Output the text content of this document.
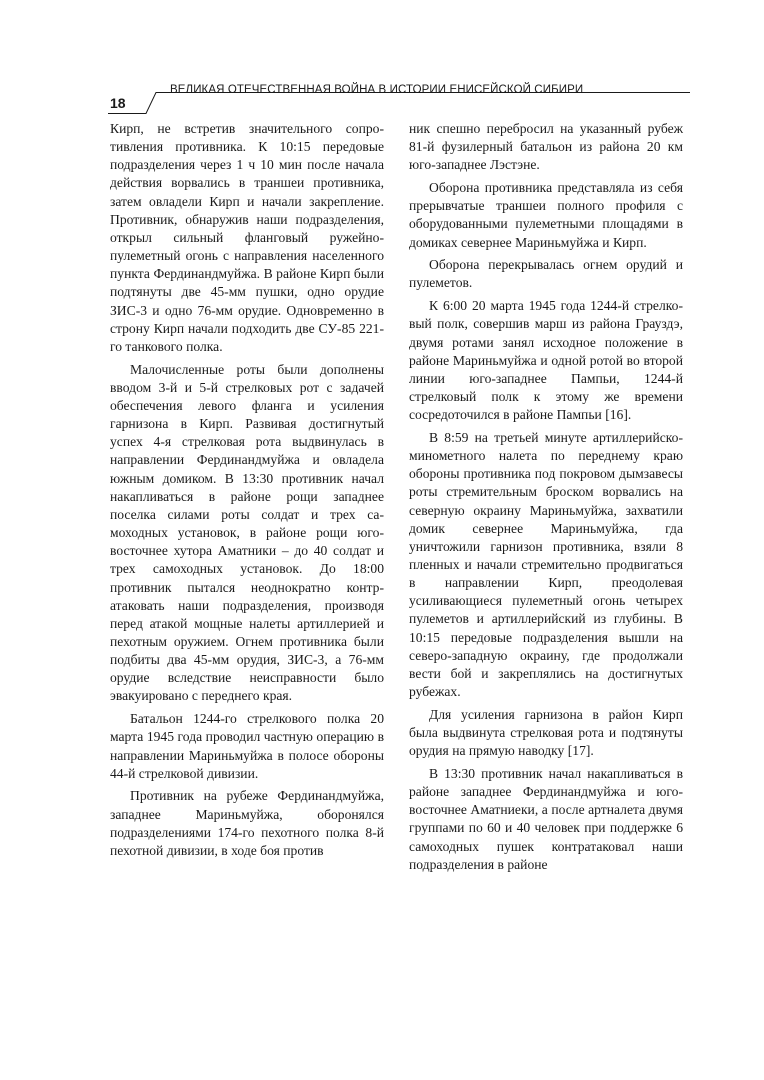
18
ВЕЛИКАЯ ОТЕЧЕСТВЕННАЯ ВОЙНА В ИСТОРИИ ЕНИСЕЙСКОЙ СИБИРИ

Кирп, не встретив значительного сопротивления противника. К 10:15 передовые подразделения через 1 ч 10 мин после начала действия ворвались в траншеи противника, затем овладели Кирп и начали закрепление. Противник, обнаружив наши подразделения, открыл сильный фланговый ружейно-пулеметный огонь с направления населенного пункта Фердинандмуйжа. В районе Кирп были подтянуты две 45-мм пушки, одно орудие ЗИС-3 и одно 76-мм орудие. Одновременно в строну Кирп начали подходить две СУ-85 221-го танкового полка.

Малочисленные роты были дополнены вводом 3-й и 5-й стрелковых рот с задачей обеспечения левого фланга и усиления гарнизона в Кирп. Развивая достигнутый успех 4-я стрелковая рота выдвинулась в направлении Фердинандмуйжа и овладела южным домиком. В 13:30 противник начал накапливаться в районе рощи западнее поселка силами роты солдат и трех самоходных установок, в районе рощи юго-восточнее хутора Аматники – до 40 солдат и трех самоходных установок. До 18:00 противник пытался неоднократно контратаковать наши подразделения, производя перед атакой мощные налеты артиллерией и пехотным оружием. Огнем противника были подбиты два 45-мм орудия, ЗИС-3, а 76-мм орудие вследствие неисправности было эвакуировано с переднего края.

Батальон 1244-го стрелкового полка 20 марта 1945 года проводил частную операцию в направлении Мариньмуйжа в полосе обороны 44-й стрелковой дивизии.

Противник на рубеже Фердинандмуйжа, западнее Мариньмуйжа, оборонялся подразделениями 174-го пехотного полка 8-й пехотной дивизии, в ходе боя против

ник спешно перебросил на указанный рубеж 81-й фузилерный батальон из района 20 км юго-западнее Лэстэне.

Оборона противника представляла из себя прерывчатые траншеи полного профиля с оборудованными пулеметными площадями в домиках севернее Мариньмуйжа и Кирп.

Оборона перекрывалась огнем орудий и пулеметов.

К 6:00 20 марта 1945 года 1244-й стрелковый полк, совершив марш из района Грауздэ, двумя ротами занял исходное положение в районе Мариньмуйжа и одной ротой во второй линии юго-западнее Пампьи, 1244-й стрелковый полк к этому же времени сосредоточился в районе Пампьи [16].

В 8:59 на третьей минуте артиллерийско-минометного налета по переднему краю обороны противника под покровом дымзавесы роты стремительным броском ворвались на северную окраину Мариньмуйжа, захватили домик севернее Мариньмуйжа, гда уничтожили гарнизон противника, взяли 8 пленных и начали стремительно продвигаться в направлении Кирп, преодолевая усиливающиеся пулеметный огонь четырех пулеметов и артиллерийский из глубины. В 10:15 передовые подразделения вышли на северо-западную окраину, где продолжали вести бой и закреплялись на достигнутых рубежах.

Для усиления гарнизона в район Кирп была выдвинута стрелковая рота и подтянуты орудия на прямую наводку [17].

В 13:30 противник начал накапливаться в районе западнее Фердинандмуйжа и юго-восточнее Аматниеки, а после артналета двумя группами по 60 и 40 человек при поддержке 6 самоходных пушек контратаковал наши подразделения в районе
